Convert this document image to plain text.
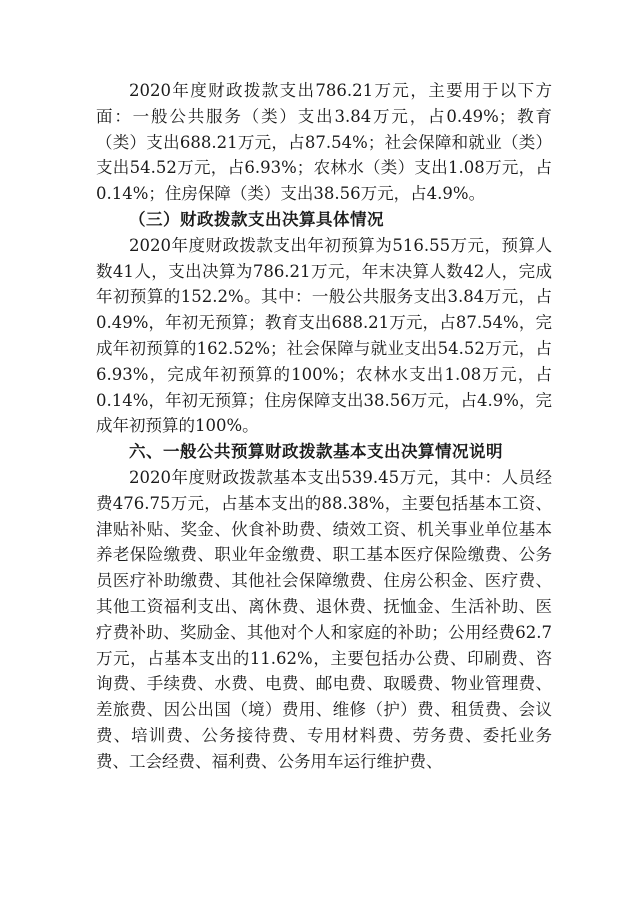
2020年度财政拨款支出786.21万元，主要用于以下方面：一般公共服务（类）支出3.84万元，占0.49%；教育（类）支出688.21万元，占87.54%；社会保障和就业（类）支出54.52万元，占6.93%；农林水（类）支出1.08万元，占0.14%；住房保障（类）支出38.56万元，占4.9%。

（三）财政拨款支出决算具体情况

2020年度财政拨款支出年初预算为516.55万元，预算人数41人，支出决算为786.21万元，年末决算人数42人，完成年初预算的152.2%。其中：一般公共服务支出3.84万元，占0.49%，年初无预算；教育支出688.21万元，占87.54%，完成年初预算的162.52%；社会保障与就业支出54.52万元，占6.93%，完成年初预算的100%；农林水支出1.08万元，占0.14%，年初无预算；住房保障支出38.56万元，占4.9%，完成年初预算的100%。

六、一般公共预算财政拨款基本支出决算情况说明

2020年度财政拨款基本支出539.45万元，其中：人员经费476.75万元，占基本支出的88.38%，主要包括基本工资、津贴补贴、奖金、伙食补助费、绩效工资、机关事业单位基本养老保险缴费、职业年金缴费、职工基本医疗保险缴费、公务员医疗补助缴费、其他社会保障缴费、住房公积金、医疗费、其他工资福利支出、离休费、退休费、抚恤金、生活补助、医疗费补助、奖励金、其他对个人和家庭的补助；公用经费62.7万元，占基本支出的11.62%，主要包括办公费、印刷费、咨询费、手续费、水费、电费、邮电费、取暖费、物业管理费、差旅费、因公出国（境）费用、维修（护）费、租赁费、会议费、培训费、公务接待费、专用材料费、劳务费、委托业务费、工会经费、福利费、公务用车运行维护费、
